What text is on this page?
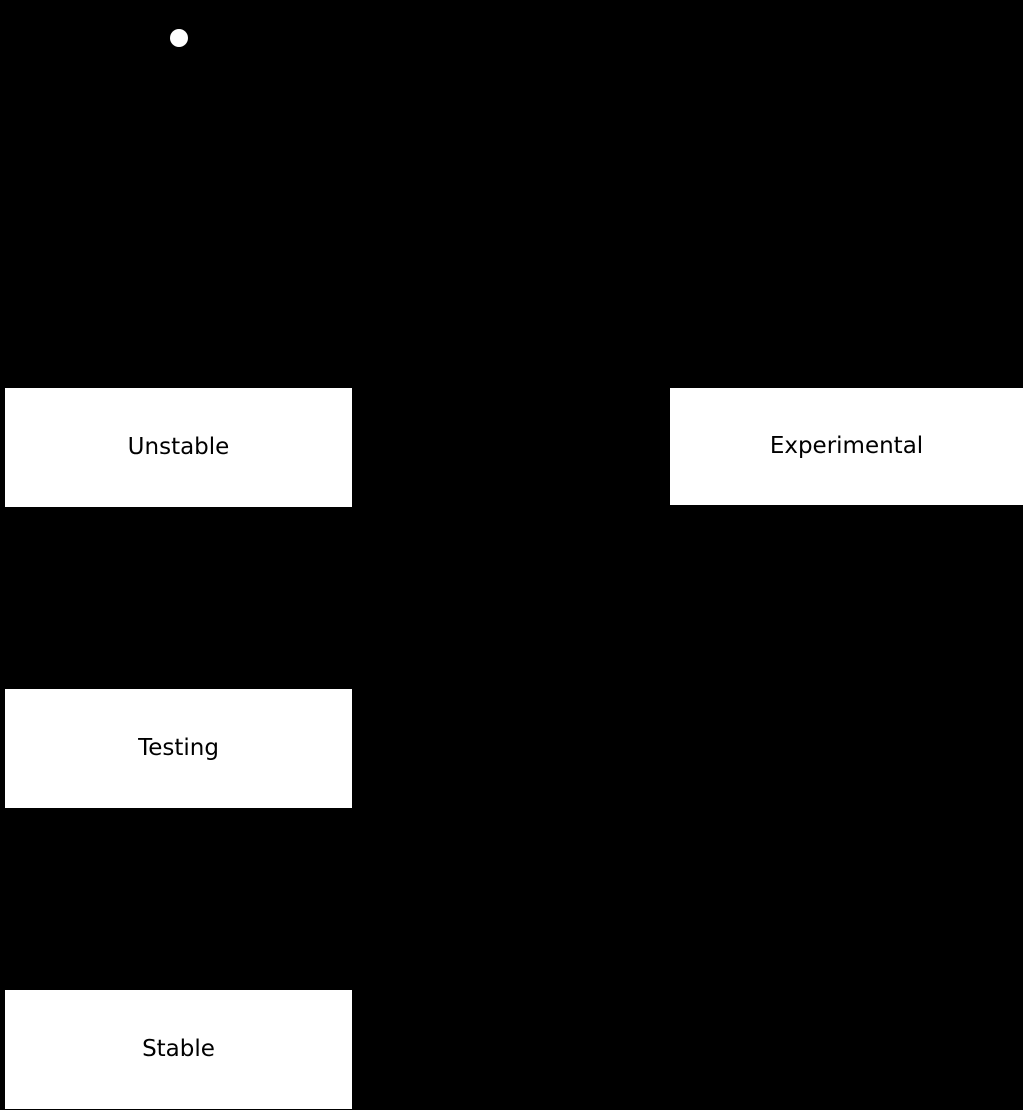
Unstable	Experimental
Testing
Stable
